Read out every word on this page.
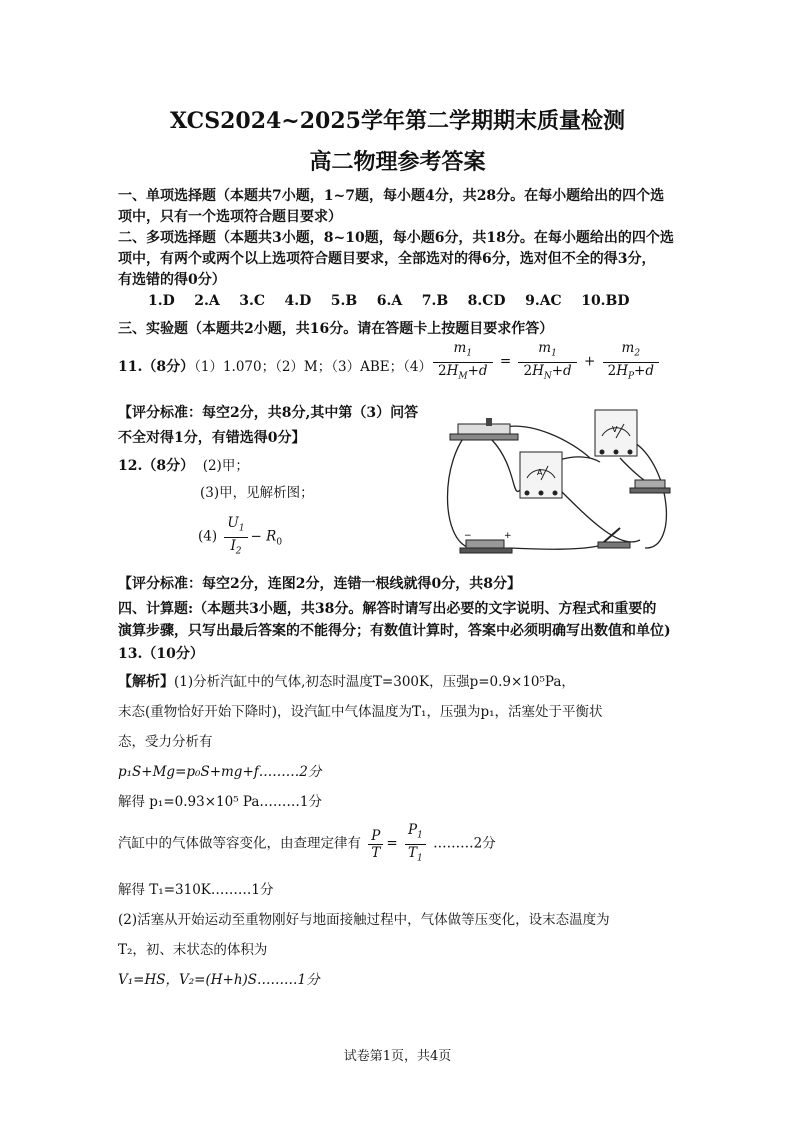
XCS2024~2025学年第二学期期末质量检测
高二物理参考答案
一、单项选择题（本题共7小题，1~7题，每小题4分，共28分。在每小题给出的四个选
项中，只有一个选项符合题目要求）
二、多项选择题（本题共3小题，8~10题，每小题6分，共18分。在每小题给出的四个选
项中，有两个或两个以上选项符合题目要求，全部选对的得6分，选对但不全的得3分，
有选错的得0分）
1.D 2.A 3.C 4.D 5.B 6.A 7.B 8.CD 9.AC 10.BD
三、实验题（本题共2小题，共16分。请在答题卡上按题目要求作答）
11.（8分）（1）1.070；（2）M；（3）ABE；$(4) \frac{m_1}{2H_M+d} = \frac{m_1}{2H_N+d} + \frac{m_2}{2H_P+d}$
【评分标准：每空2分，共8分,其中第（3）问答
不全对得1分，有错选得0分】
12.（8分） (2)甲；
(3)甲，见解析图；
$(4) \frac{U_1}{I_2} - R_0$
V
A
−	+
【评分标准：每空2分，连图2分，连错一根线就得0分，共8分】
四、计算题:（本题共3小题，共38分。解答时请写出必要的文字说明、方程式和重要的
演算步骤，只写出最后答案的不能得分；有数值计算时，答案中必须明确写出数值和单位)
13.（10分）
【解析】(1)分析汽缸中的气体,初态时温度T=300K，压强p=0.9×10⁵Pa，
末态(重物恰好开始下降时)，设汽缸中气体温度为T₁，压强为p₁，活塞处于平衡状
态，受力分析有
p₁S+Mg=p₀S+mg+f………2分
解得 p₁=0.93×10⁵ Pa………1分
汽缸中的气体做等容变化，由查理定律有 $\frac{P}{T} = \frac{P_1}{T_1}$ ………2分
解得 T₁=310K………1分
(2)活塞从开始运动至重物刚好与地面接触过程中，气体做等压变化，设末态温度为
T₂，初、末状态的体积为
V₁=HS，V₂=(H+h)S………1分
试卷第1页，共4页
